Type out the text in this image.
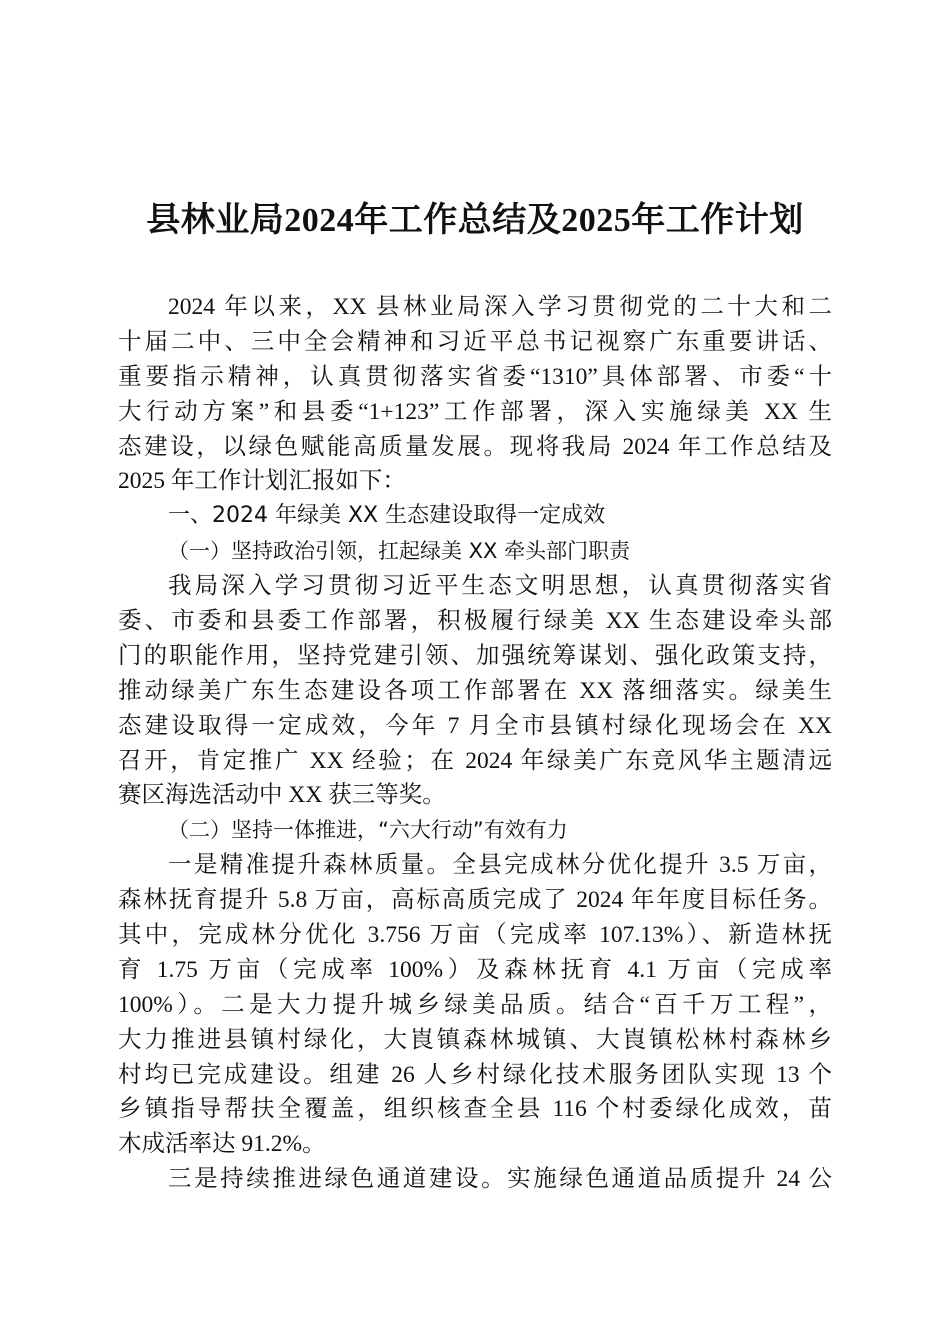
县林业局2024年工作总结及2025年工作计划
2024 年以来，XX 县林业局深入学习贯彻党的二十大和二
十届二中、三中全会精神和习近平总书记视察广东重要讲话、
重要指示精神，认真贯彻落实省委“1310”具体部署、市委“十
大行动方案”和县委“1+123”工作部署，深入实施绿美 XX 生
态建设，以绿色赋能高质量发展。现将我局 2024 年工作总结及
2025 年工作计划汇报如下：
一、2024 年绿美 XX 生态建设取得一定成效
（一）坚持政治引领，扛起绿美 XX 牵头部门职责
我局深入学习贯彻习近平生态文明思想，认真贯彻落实省
委、市委和县委工作部署，积极履行绿美 XX 生态建设牵头部
门的职能作用，坚持党建引领、加强统筹谋划、强化政策支持，
推动绿美广东生态建设各项工作部署在 XX 落细落实。绿美生
态建设取得一定成效，今年 7 月全市县镇村绿化现场会在 XX
召开，肯定推广 XX 经验；在 2024 年绿美广东竞风华主题清远
赛区海选活动中 XX 获三等奖。
（二）坚持一体推进，“六大行动”有效有力
一是精准提升森林质量。全县完成林分优化提升 3.5 万亩，
森林抚育提升 5.8 万亩，高标高质完成了 2024 年年度目标任务。
其中，完成林分优化 3.756 万亩（完成率 107.13%）、新造林抚
育 1.75 万亩（完成率 100%）及森林抚育 4.1 万亩（完成率
100%）。二是大力提升城乡绿美品质。结合“百千万工程”，
大力推进县镇村绿化，大崀镇森林城镇、大崀镇松林村森林乡
村均已完成建设。组建 26 人乡村绿化技术服务团队实现 13 个
乡镇指导帮扶全覆盖，组织核查全县 116 个村委绿化成效，苗
木成活率达 91.2%。
三是持续推进绿色通道建设。实施绿色通道品质提升 24 公
